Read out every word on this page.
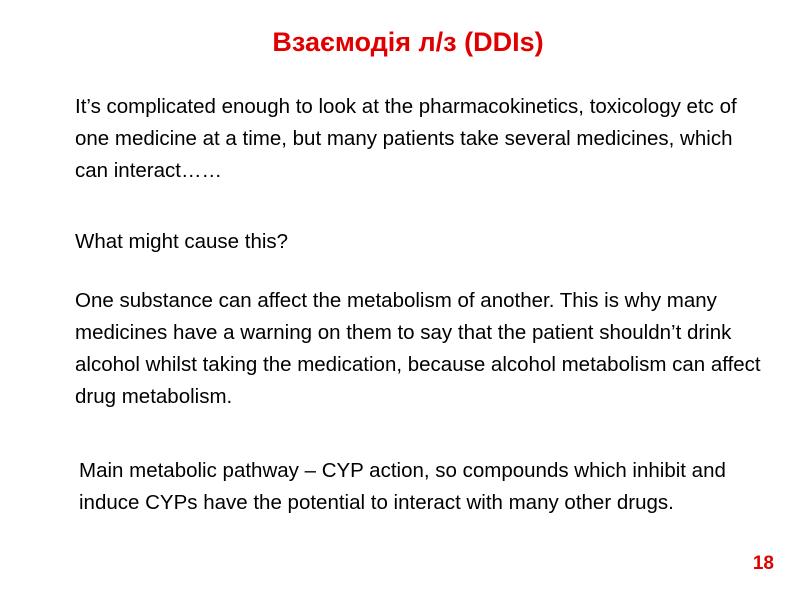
Взаємодія л/з (DDIs)

It’s complicated enough to look at the pharmacokinetics, toxicology etc of one medicine at a time, but many patients take several medicines, which can interact……

What might cause this?

One substance can affect the metabolism of another. This is why many medicines have a warning on them to say that the patient shouldn’t drink alcohol whilst taking the medication, because alcohol metabolism can affect drug metabolism.

Main metabolic pathway – CYP action, so compounds which inhibit and induce CYPs have the potential to interact with many other drugs.

18
